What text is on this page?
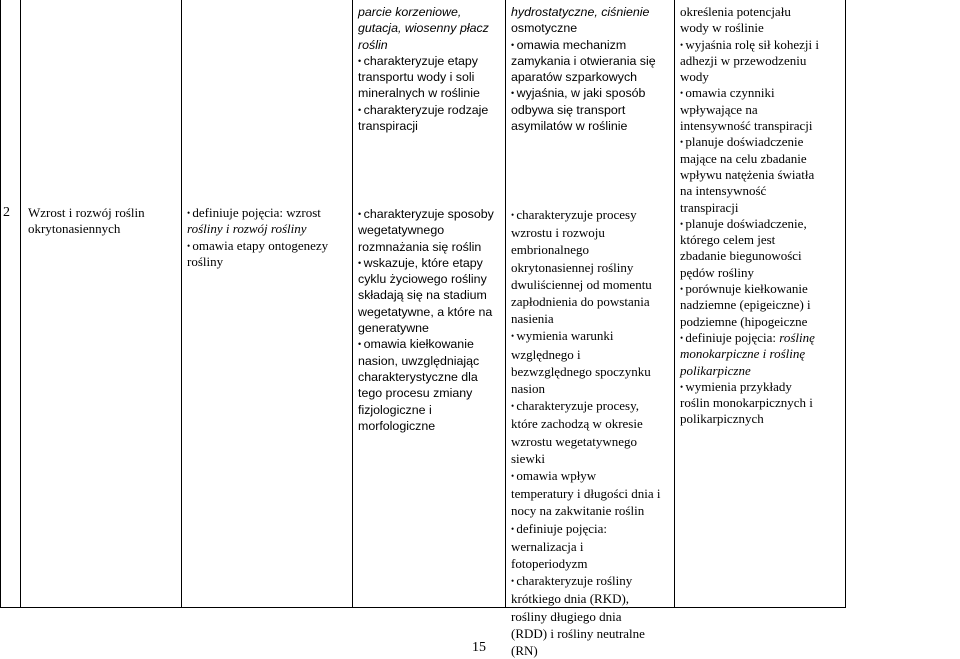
2	Wzrost i rozwój roślin
okrytonasiennych

• definiuje pojęcia: wzrost
rośliny i rozwój rośliny
• omawia etapy ontogenezy
rośliny

parcie korzeniowe,
gutacja, wiosenny płacz
roślin
• charakteryzuje etapy
transportu wody i soli
mineralnych w roślinie
• charakteryzuje rodzaje
transpiracji
• charakteryzuje sposoby
wegetatywnego
rozmnażania się roślin
• wskazuje, które etapy
cyklu życiowego rośliny
składają się na stadium
wegetatywne, a które na
generatywne
• omawia kiełkowanie
nasion, uwzględniając
charakterystyczne dla
tego procesu zmiany
fizjologiczne i
morfologiczne

hydrostatyczne, ciśnienie
osmotyczne
• omawia mechanizm
zamykania i otwierania się
aparatów szparkowych
• wyjaśnia, w jaki sposób
odbywa się transport
asymilatów w roślinie
• charakteryzuje procesy
wzrostu i rozwoju
embrionalnego
okrytonasiennej rośliny
dwuliściennej od momentu
zapłodnienia do powstania
nasienia
• wymienia warunki
względnego i
bezwzględnego spoczynku
nasion
• charakteryzuje procesy,
które zachodzą w okresie
wzrostu wegetatywnego
siewki
• omawia wpływ
temperatury i długości dnia i
nocy na zakwitanie roślin
• definiuje pojęcia:
wernalizacja i
fotoperiodyzm
• charakteryzuje rośliny
krótkiego dnia (RKD),
rośliny długiego dnia
(RDD) i rośliny neutralne
(RN)

określenia potencjału
wody w roślinie
• wyjaśnia rolę sił kohezji i
adhezji w przewodzeniu
wody
• omawia czynniki
wpływające na
intensywność transpiracji
• planuje doświadczenie
mające na celu zbadanie
wpływu natężenia światła
na intensywność
transpiracji
• planuje doświadczenie,
którego celem jest
zbadanie biegunowości
pędów rośliny
• porównuje kiełkowanie
nadziemne (epigeiczne) i
podziemne (hipogeiczne
• definiuje pojęcia: roślinę
monokarpiczne i roślinę
polikarpiczne
• wymienia przykłady
roślin monokarpicznych i
polikarpicznych
15
